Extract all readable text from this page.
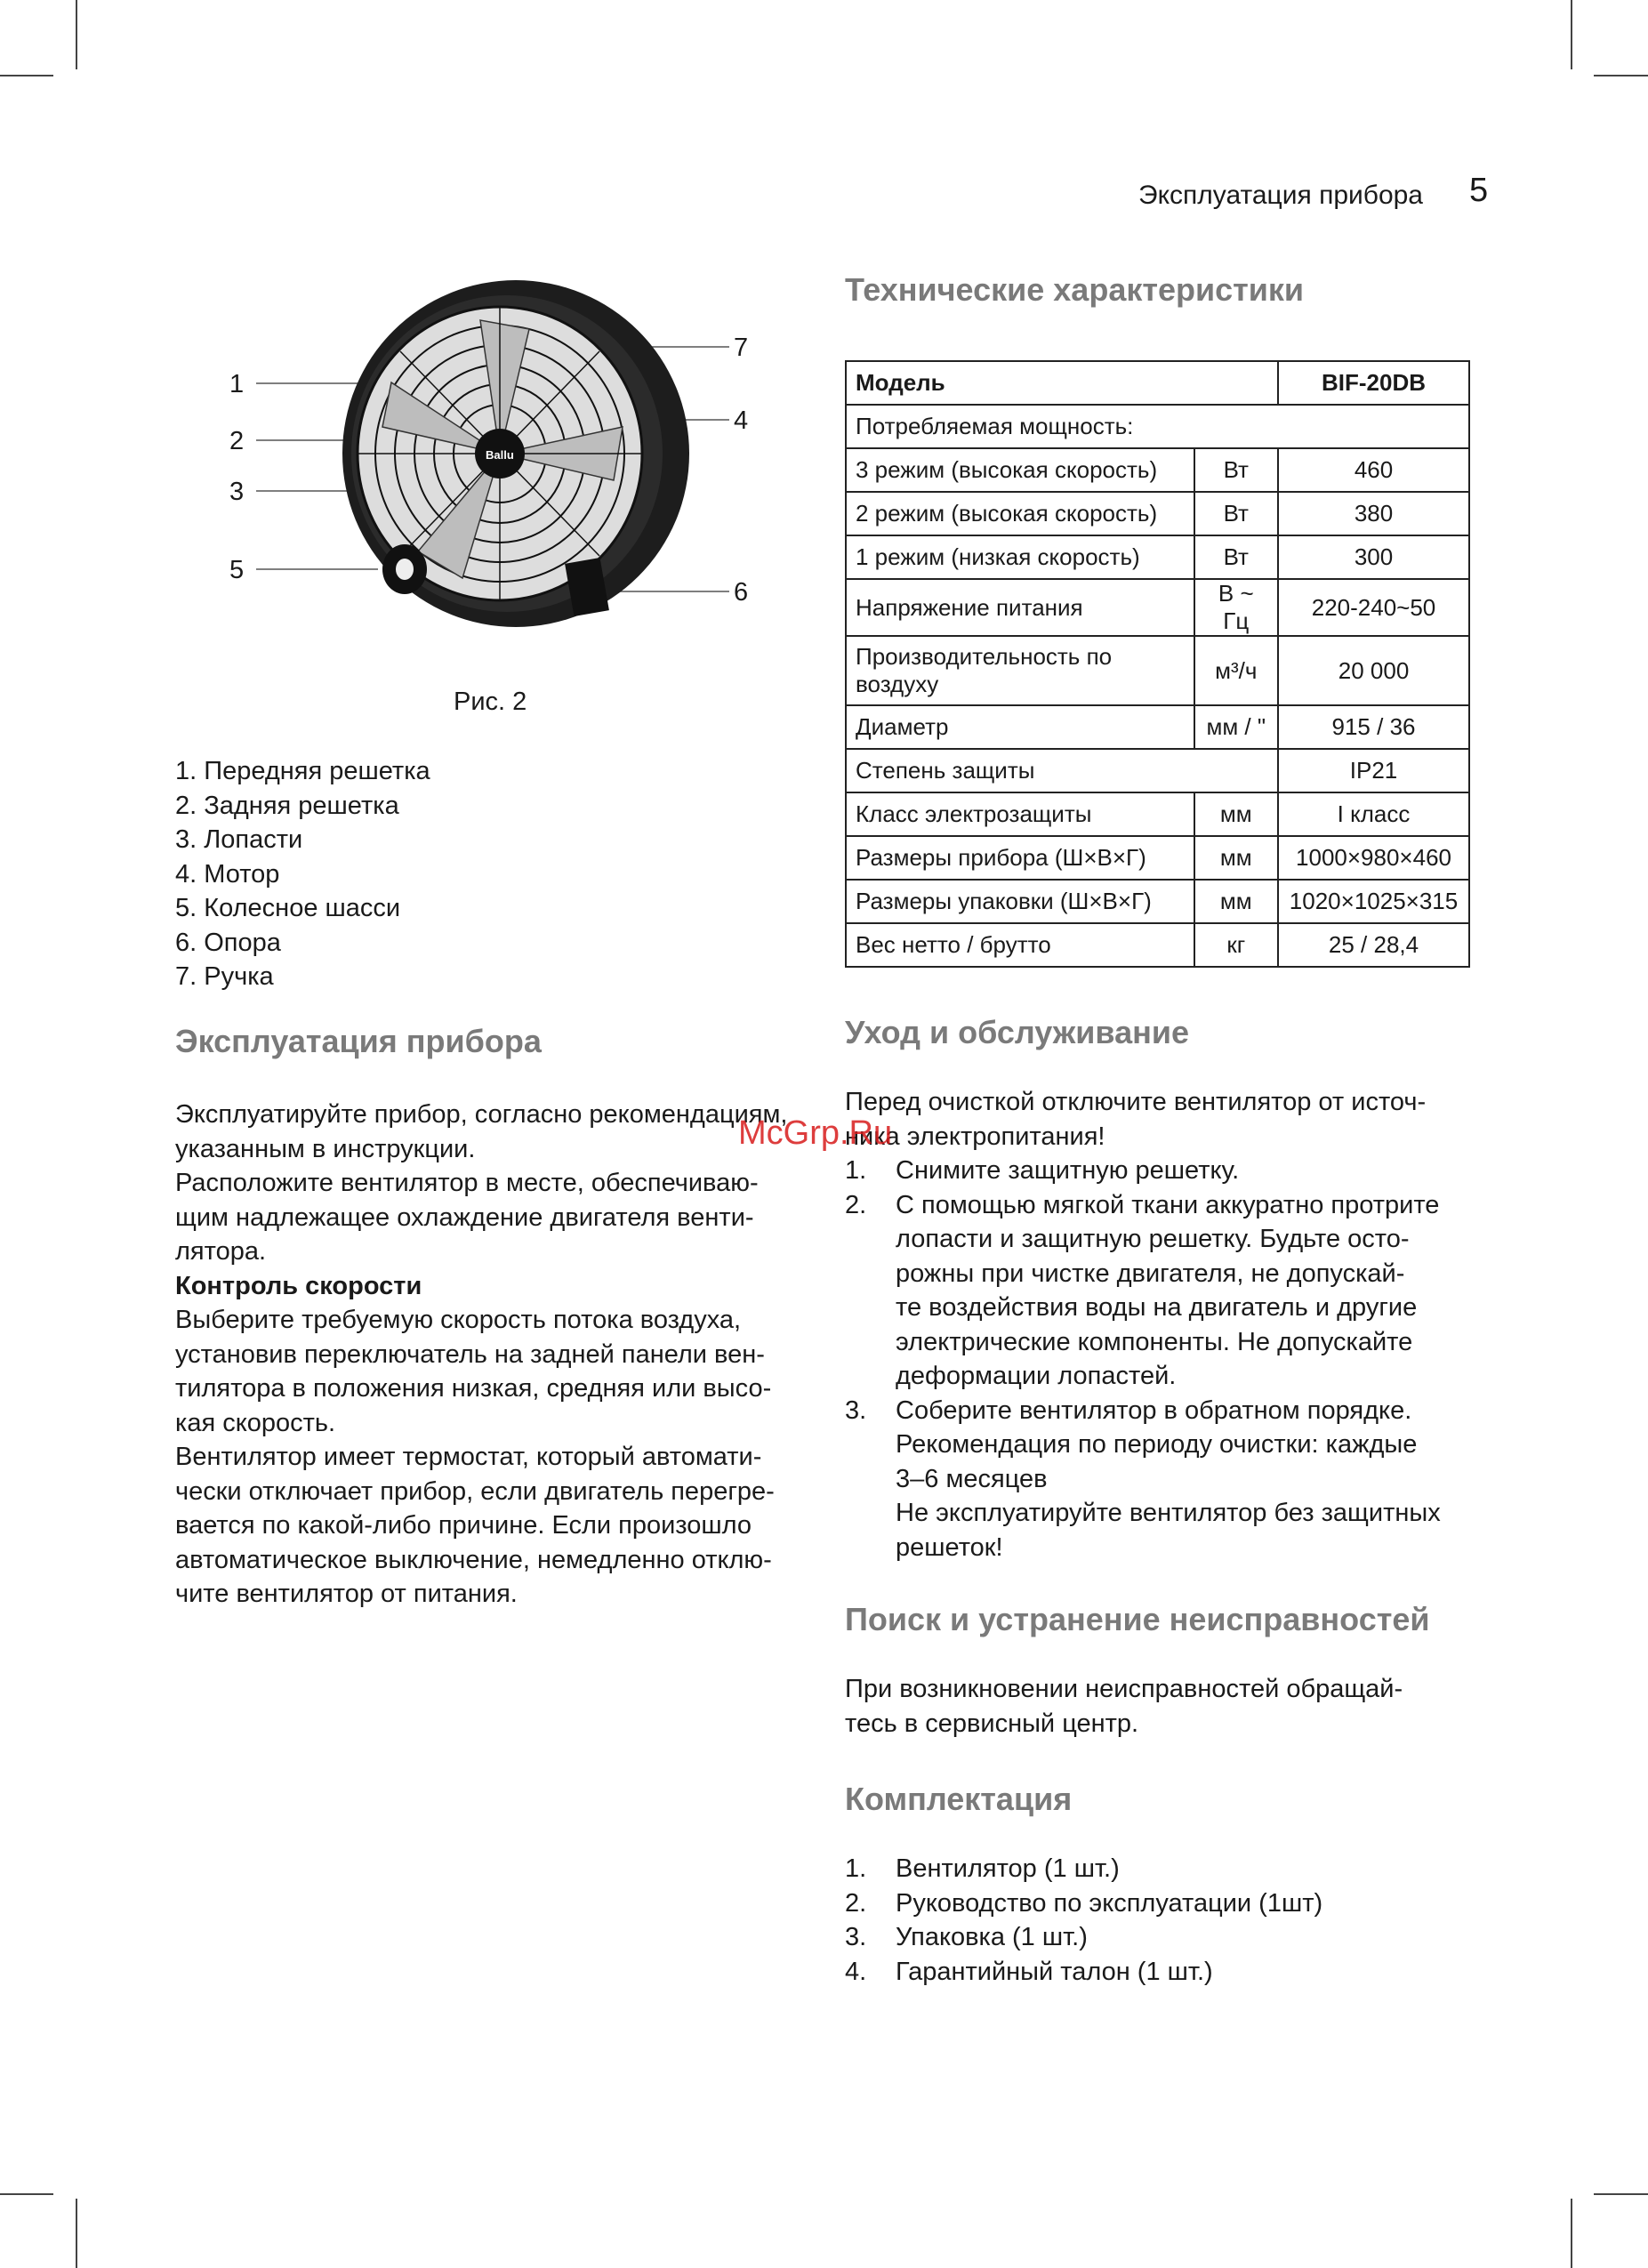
Эксплуатация прибора 5
Ballu
1
2
3
5
7
4
6
Рис. 2
1. Передняя решетка
2. Задняя решетка
3. Лопасти
4. Мотор
5. Колесное шасси
6. Опора
7. Ручка
Эксплуатация прибора
Эксплуатируйте прибор, согласно рекомендациям,
указанным в инструкции.
Расположите вентилятор в месте, обеспечиваю-
щим надлежащее охлаждение двигателя венти-
лятора.
Контроль скорости
Выберите требуемую скорость потока воздуха,
установив переключатель на задней панели вен-
тилятора в положения низкая, средняя или высо-
кая скорость.
Вентилятор имеет термостат, который автомати-
чески отключает прибор, если двигатель перегре-
вается по какой-либо причине. Если произошло
автоматическое выключение, немедленно отклю-
чите вентилятор от питания.
Технические характеристики
Модель		BIF-20DB
Потребляемая мощность:		
3 режим (высокая скорость)	Вт	460
2 режим (высокая скорость)	Вт	380
1 режим (низкая скорость)	Вт	300
Напряжение питания	В ~ Гц	220-240~50
Производительность по
воздуху	м³/ч	20 000
Диаметр	мм / "	915 / 36
Степень защиты		IP21
Класс электрозащиты	мм	I класс
Размеры прибора (Ш×В×Г)	мм	1000×980×460
Размеры упаковки (Ш×В×Г)	мм	1020×1025×315
Вес нетто / брутто	кг	25 / 28,4
Уход и обслуживание
Перед очисткой отключите вентилятор от источ-
ника электропитания!
1. Снимите защитную решетку.
2. С помощью мягкой ткани аккуратно протрите
лопасти и защитную решетку. Будьте осто-
рожны при чистке двигателя, не допускай-
те воздействия воды на двигатель и другие
электрические компоненты. Не допускайте
деформации лопастей.
3. Соберите вентилятор в обратном порядке.
Рекомендация по периоду очистки: каждые
3–6 месяцев
Не эксплуатируйте вентилятор без защитных
решеток!
Поиск и устранение неисправностей
При возникновении неисправностей обращай-
тесь в сервисный центр.
Комплектация
1. Вентилятор (1 шт.)
2. Руководство по эксплуатации (1шт)
3. Упаковка (1 шт.)
4. Гарантийный талон (1 шт.)
McGrp.Ru
